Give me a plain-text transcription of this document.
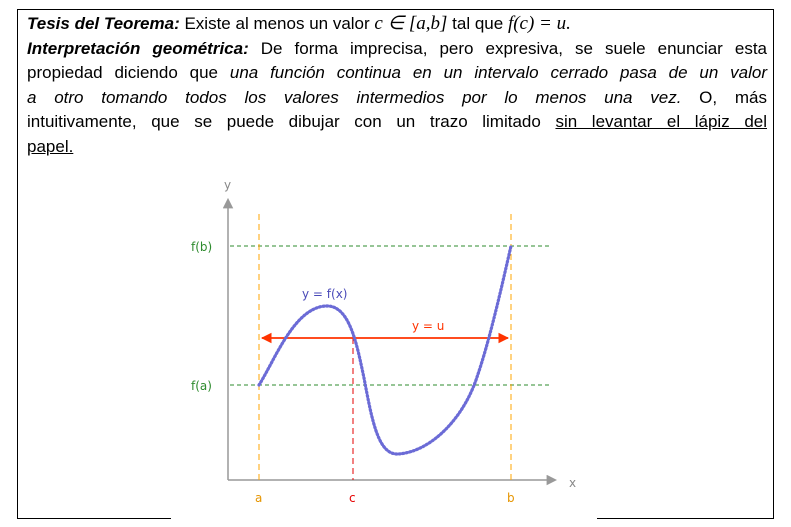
Tesis del Teorema: Existe al menos un valor c ∈ [a,b] tal que f(c) = u.
Interpretación geométrica: De forma imprecisa, pero expresiva, se suele enunciar esta
propiedad diciendo que una función continua en un intervalo cerrado pasa de un valor
a otro tomando todos los valores intermedios por lo menos una vez. O, más
intuitivamente, que se puede dibujar con un trazo limitado sin levantar el lápiz del
papel.
y
x
f(b)
f(a)
y = f(x)
y = u
a	c	b
